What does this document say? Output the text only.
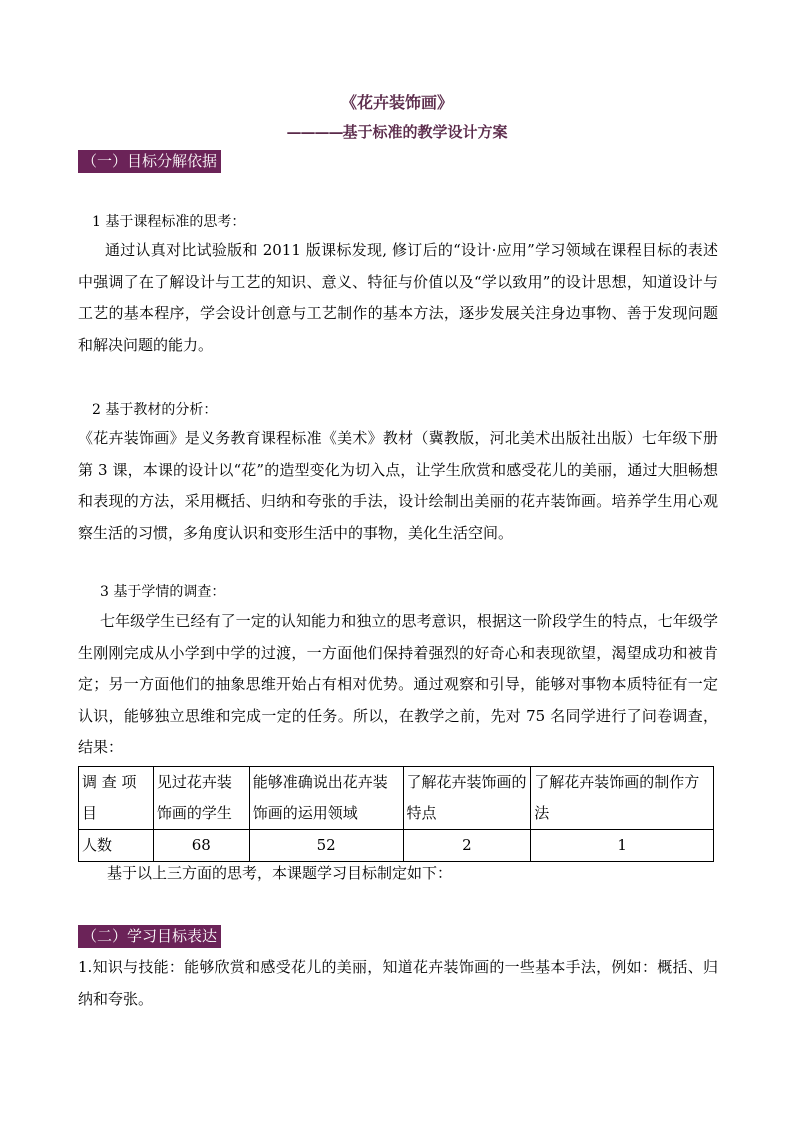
《花卉装饰画》
————基于标准的教学设计方案
（一）目标分解依据
1 基于课程标准的思考：
通过认真对比试验版和 2011 版课标发现, 修订后的“设计·应用”学习领域在课程目标的表述中强调了在了解设计与工艺的知识、意义、特征与价值以及“学以致用”的设计思想，知道设计与工艺的基本程序，学会设计创意与工艺制作的基本方法，逐步发展关注身边事物、善于发现问题和解决问题的能力。
2 基于教材的分析：
《花卉装饰画》是义务教育课程标准《美术》教材（冀教版，河北美术出版社出版）七年级下册第 3 课，本课的设计以“花”的造型变化为切入点，让学生欣赏和感受花儿的美丽，通过大胆畅想和表现的方法，采用概括、归纳和夸张的手法，设计绘制出美丽的花卉装饰画。培养学生用心观察生活的习惯，多角度认识和变形生活中的事物，美化生活空间。
3 基于学情的调查：
七年级学生已经有了一定的认知能力和独立的思考意识，根据这一阶段学生的特点，七年级学生刚刚完成从小学到中学的过渡，一方面他们保持着强烈的好奇心和表现欲望，渴望成功和被肯定；另一方面他们的抽象思维开始占有相对优势。通过观察和引导，能够对事物本质特征有一定认识，能够独立思维和完成一定的任务。所以，在教学之前，先对 75 名同学进行了问卷调查，结果：
调 查 项目	见过花卉装饰画的学生	能够准确说出花卉装饰画的运用领域	了解花卉装饰画的特点	了解花卉装饰画的制作方法
人数	68	52	2	1
基于以上三方面的思考，本课题学习目标制定如下：
（二）学习目标表达
1.知识与技能：能够欣赏和感受花儿的美丽，知道花卉装饰画的一些基本手法，例如：概括、归纳和夸张。
